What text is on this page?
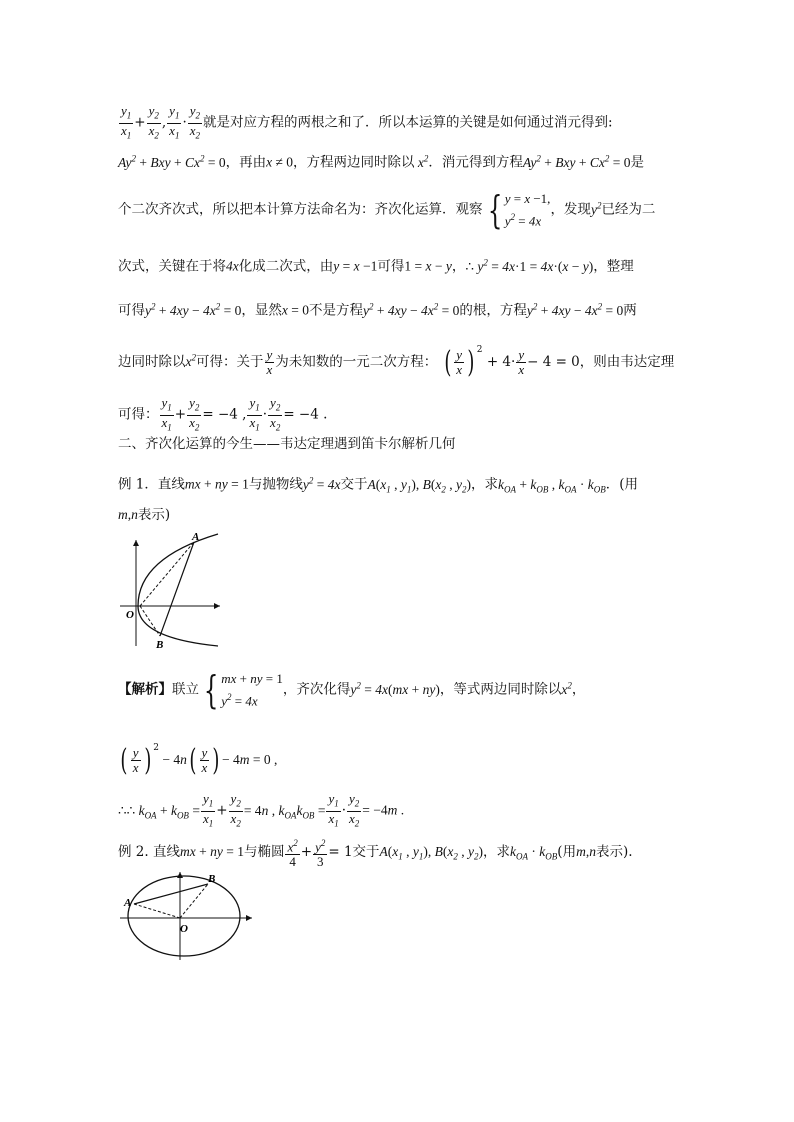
$\frac{y_1}{x_1} + \frac{y_2}{x_2}$ , $\frac{y_1}{x_1} \cdot \frac{y_2}{x_2}$ 就是对应方程的两根之和了．所以本运算的关键是如何通过消元得到:
$Ay^2$ + Bxy + $Cx^2 = 0$，再由x ≠ 0，方程两边同时除以 $x^2$．消元得到方程$Ay^2$ + Bxy + $Cx^2 = 0$是
个二次齐次式，所以把本计算方法命名为：齐次化运算．观察 { y = x −1,
$y^2 = 4x$
，发现$y^2$已经为二
次式，关键在于将4x化成二次式，由y = x −1可得1 = x − y，∴ $y^2 = 4x\cdot 1 = 4x\cdot(x - y)$，整理
可得$y^2 + 4xy - 4x^2 = 0$，显然x = 0不是方程$y^2 + 4xy - 4x^2 = 0$的根，方程$y^2 + 4xy - 4x^2 = 0$两
边同时除以$x^2$可得：关于 $\frac{y}{x}$ 为未知数的一元二次方程： ( $\frac{y}{x}$ ) $^2 + 4\cdot \frac{y}{x} - 4 = 0$，则由韦达定理
可得： $\frac{y_1}{x_1} + \frac{y_2}{x_2} = -4$ , $\frac{y_1}{x_1} \cdot \frac{y_2}{x_2} = -4$ .
二、齐次化运算的今生——韦达定理遇到笛卡尔解析几何
例 1．直线mx + ny = 1与抛物线$y^2 = 4x$交于$A(x_1$ , $y_1$), $B(x_2$ , $y_2$)，求$k_{OA} + k_{OB}$ , $k_{OA} \cdot k_{OB}$．(用
m,n表示)
A
O
B
【解析】联立 { mx + ny = 1
$y^2 = 4x$
，齐次化得$y^2 = 4x(mx + ny)$，等式两边同时除以$x^2$，
( $\frac{y}{x}$ ) $^2 - 4n( \frac{y}{x}$ ) − 4m = 0 ,
∴∴ $k_{OA} + k_{OB} = \frac{y_1}{x_1} + \frac{y_2}{x_2} = 4n$ , $k_{OA}k_{OB} = \frac{y_1}{x_1} \cdot \frac{y_2}{x_2} = -4m$ .
例 2. 直线mx + ny = 1与椭圆 $\frac{x^2}{4} + \frac{y^2}{3} = 1$交于$A(x_1$ , $y_1$), $B(x_2$ , $y_2$)，求$k_{OA} \cdot k_{OB}$(用m,n表示).
A
B
O
